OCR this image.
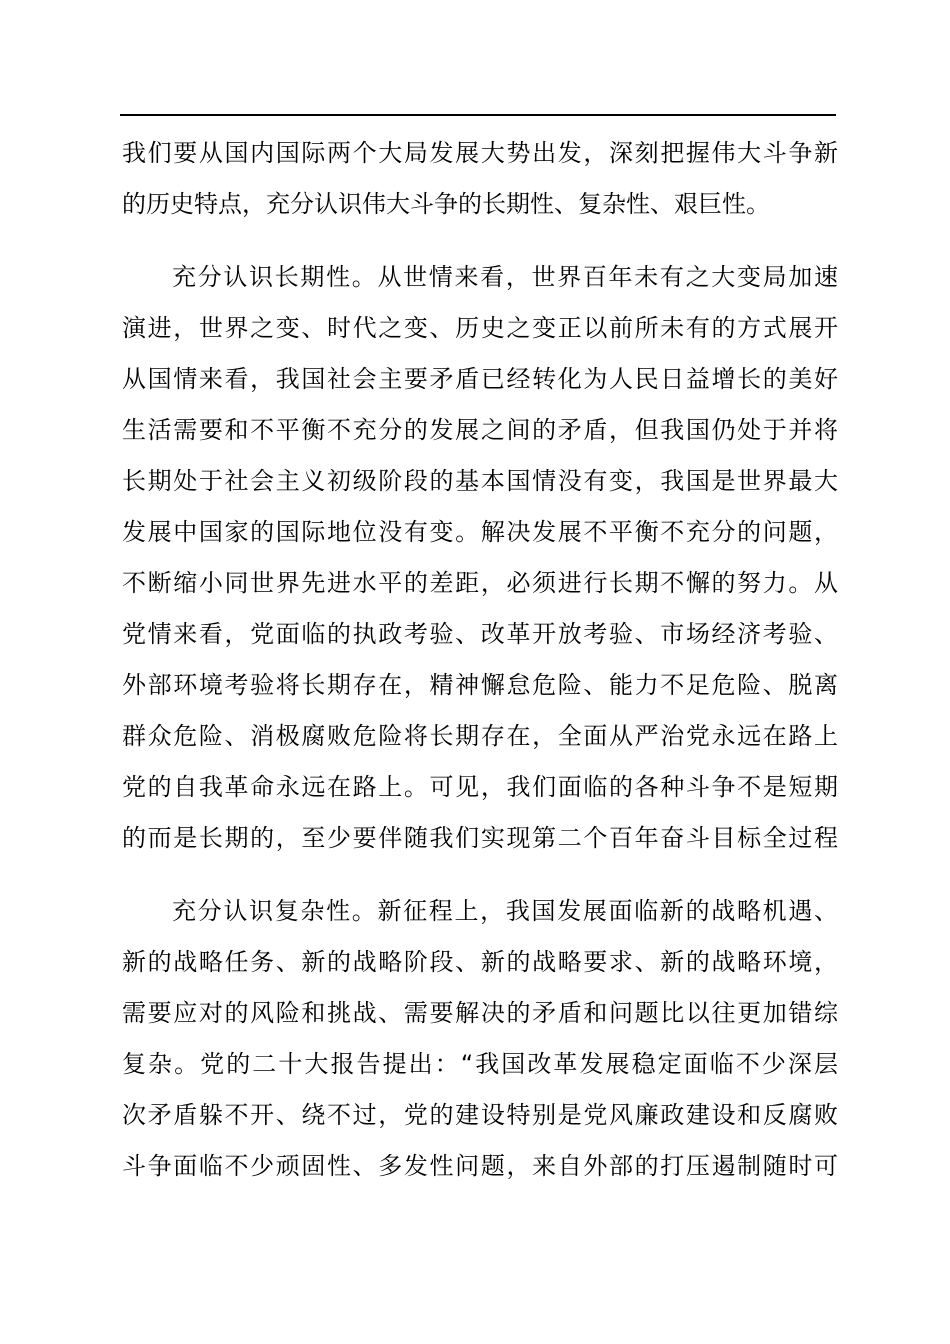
我们要从国内国际两个大局发展大势出发，深刻把握伟大斗争新
的历史特点，充分认识伟大斗争的长期性、复杂性、艰巨性。
充分认识长期性。从世情来看，世界百年未有之大变局加速
演进，世界之变、时代之变、历史之变正以前所未有的方式展开
从国情来看，我国社会主要矛盾已经转化为人民日益增长的美好
生活需要和不平衡不充分的发展之间的矛盾，但我国仍处于并将
长期处于社会主义初级阶段的基本国情没有变，我国是世界最大
发展中国家的国际地位没有变。解决发展不平衡不充分的问题，
不断缩小同世界先进水平的差距，必须进行长期不懈的努力。从
党情来看，党面临的执政考验、改革开放考验、市场经济考验、
外部环境考验将长期存在，精神懈怠危险、能力不足危险、脱离
群众危险、消极腐败危险将长期存在，全面从严治党永远在路上
党的自我革命永远在路上。可见，我们面临的各种斗争不是短期
的而是长期的，至少要伴随我们实现第二个百年奋斗目标全过程
充分认识复杂性。新征程上，我国发展面临新的战略机遇、
新的战略任务、新的战略阶段、新的战略要求、新的战略环境，
需要应对的风险和挑战、需要解决的矛盾和问题比以往更加错综
复杂。党的二十大报告提出：“我国改革发展稳定面临不少深层
次矛盾躲不开、绕不过，党的建设特别是党风廉政建设和反腐败
斗争面临不少顽固性、多发性问题，来自外部的打压遏制随时可
